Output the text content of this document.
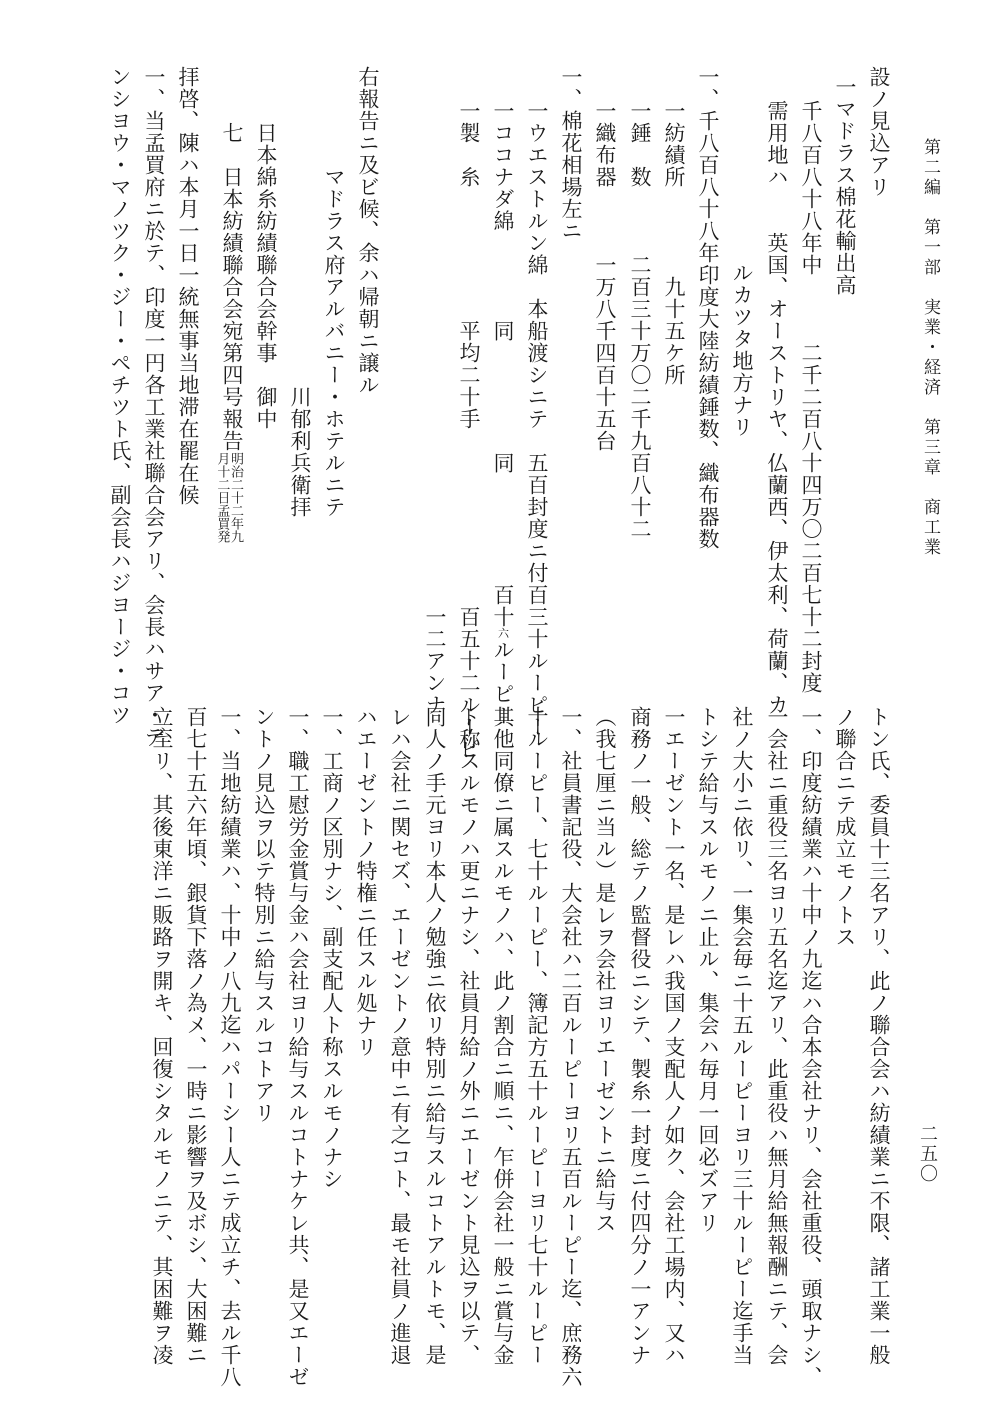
第二編　第一部　実業・経済　第三章　商工業
二五〇
設ノ見込アリ
一マドラス棉花輸出高
千八百八十八年中　　　二千二百八十四万〇二百七十二封度
需用地ハ　　英国、オーストリヤ、仏蘭西、伊太利、荷蘭、カ
ルカツタ地方ナリ
一、千八百八十八年印度大陸紡績錘数、織布器数
一紡績所　　　　九十五ケ所
一錘　数　　　二百三十万〇二千九百八十二
一織布器　　　一万八千四百十五台
一、棉花相場左ニ
一ウエストルン綿　本船渡シニテ　五百封度ニ付百三十ルーピー
一ココナダ綿　　　　同　　　　　同　　　　　百十六ルーピー
一製　糸　　　　　　平均二十手　　　　　　　　百五十二ルーピ
　　　　　　　　　　　　　　　　　　　　　　　一二アンナ
右報告ニ及ビ候、余ハ帰朝ニ譲ル
　　　マドラス府アルバニー・ホテルニテ
　　　　　　　　　　　　　川郁利兵衛拝
　日本綿糸紡績聯合会幹事　御中
　七　日本紡績聯合会宛第四号報告
明治二十二年九
月十二日孟買発
拝啓、陳ハ本月一日一統無事当地滞在罷在候
一、当孟買府ニ於テ、印度一円各工業社聯合会アリ、会長ハサア・デ
ンシヨウ・マノツク・ジー・ペチツト氏、副会長ハジヨージ・コツ
トン氏、委員十三名アリ、此ノ聯合会ハ紡績業ニ不限、諸工業一般
ノ聯合ニテ成立モノトス
一、印度紡績業ハ十中ノ九迄ハ合本会社ナリ、会社重役、頭取ナシ、
一会社ニ重役三名ヨリ五名迄アリ、此重役ハ無月給無報酬ニテ、会
社ノ大小ニ依リ、一集会毎ニ十五ルーピーヨリ三十ルーピー迄手当
トシテ給与スルモノニ止ル、集会ハ毎月一回必ズアリ
一エーゼント一名、是レハ我国ノ支配人ノ如ク、会社工場内、又ハ
商務ノ一般、総テノ監督役ニシテ、製糸一封度ニ付四分ノ一アンナ
（我七厘ニ当ル）是レヲ会社ヨリエーゼントニ給与ス
一、社員書記役、大会社ハ二百ルーピーヨリ五百ルーピー迄、庶務六
十ルーピー、七十ルーピー、簿記方五十ルーピーヨリ七十ルーピー
其他同僚ニ属スルモノハ、此ノ割合ニ順ニ、乍併会社一般ニ賞与金
ト称スルモノハ更ニナシ、社員月給ノ外ニエーゼント見込ヲ以テ、
同人ノ手元ヨリ本人ノ勉強ニ依リ特別ニ給与スルコトアルトモ、是
レハ会社ニ関セズ、エーゼントノ意中ニ有之コト、最モ社員ノ進退
ハエーゼントノ特権ニ任スル処ナリ
一、工商ノ区別ナシ、副支配人ト称スルモノナシ
一、職工慰労金賞与金ハ会社ヨリ給与スルコトナケレ共、是又エーゼ
ントノ見込ヲ以テ特別ニ給与スルコトアリ
一、当地紡績業ハ、十中ノ八九迄ハパーシー人ニテ成立チ、去ル千八
百七十五六年頃、銀貨下落ノ為メ、一時ニ影響ヲ及ボシ、大困難ニ
立至リ、其後東洋ニ販路ヲ開キ、回復シタルモノニテ、其困難ヲ凌
